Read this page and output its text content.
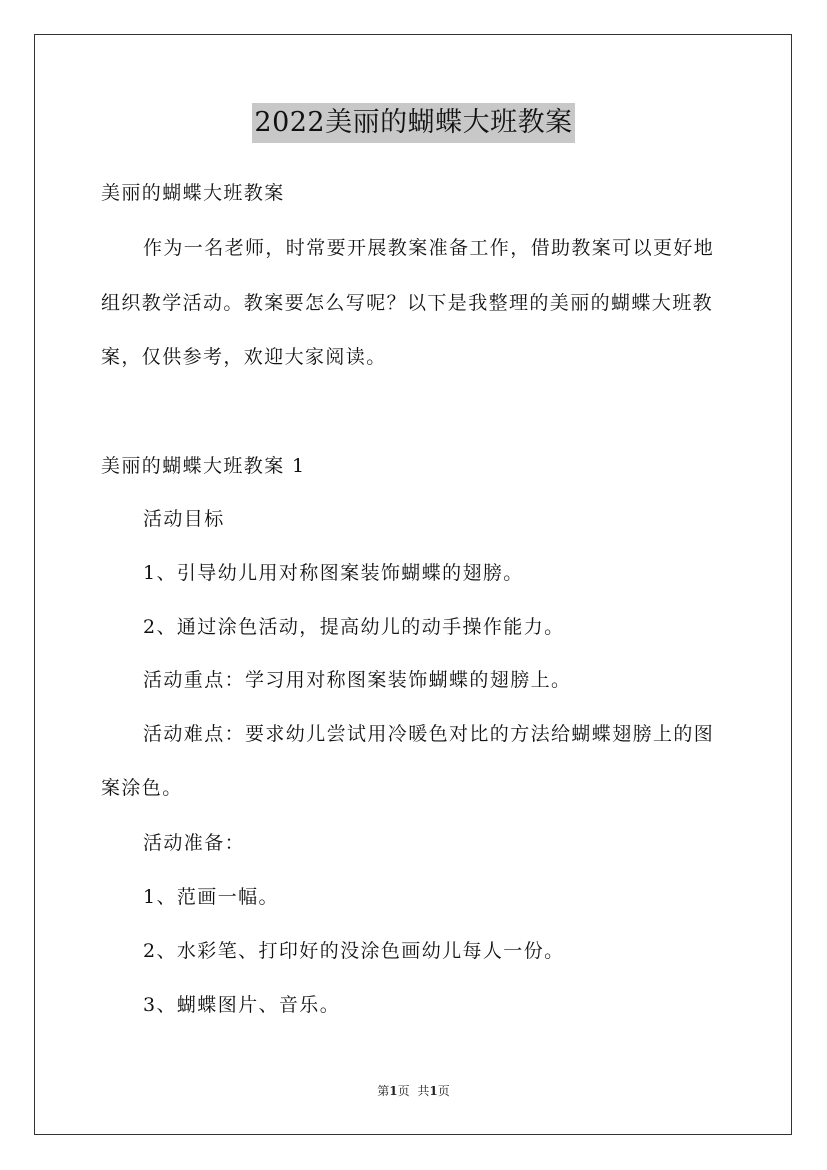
2022美丽的蝴蝶大班教案
美丽的蝴蝶大班教案
作为一名老师，时常要开展教案准备工作，借助教案可以更好地
组织教学活动。教案要怎么写呢？以下是我整理的美丽的蝴蝶大班教
案，仅供参考，欢迎大家阅读。
美丽的蝴蝶大班教案 1
活动目标
1、引导幼儿用对称图案装饰蝴蝶的翅膀。
2、通过涂色活动，提高幼儿的动手操作能力。
活动重点：学习用对称图案装饰蝴蝶的翅膀上。
活动难点：要求幼儿尝试用冷暖色对比的方法给蝴蝶翅膀上的图
案涂色。
活动准备：
1、范画一幅。
2、水彩笔、打印好的没涂色画幼儿每人一份。
3、蝴蝶图片、音乐。
第1页 共1页
